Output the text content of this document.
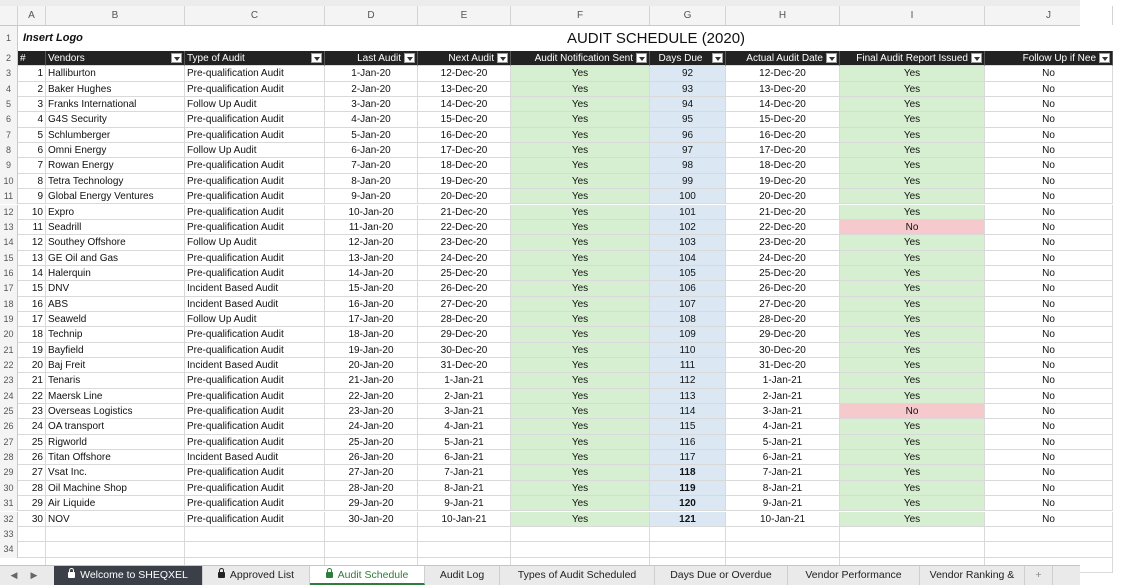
A	B	C	D	E	F	G	H	I	J
Insert Logo	AUDIT SCHEDULE (2020)
1
2
3
4
5
6
7
8
9
10
11
12
13
14
15
16
17
18
19
20
21
22
23
24
25
26
27
28
29
30
31
32
33
34
#	Vendors	Type of Audit	Last Audit	Next Audit	Audit Notification Sent	Days Due	Actual Audit Date	Final Audit Report Issued	Follow Up if Nee
1 Halliburton	Pre-qualification Audit	1-Jan-20	12-Dec-20	Yes	92	12-Dec-20	Yes	No
2 Baker Hughes	Pre-qualification Audit	2-Jan-20	13-Dec-20	Yes	93	13-Dec-20	Yes	No
3 Franks International	Follow Up Audit	3-Jan-20	14-Dec-20	Yes	94	14-Dec-20	Yes	No
4 G4S Security	Pre-qualification Audit	4-Jan-20	15-Dec-20	Yes	95	15-Dec-20	Yes	No
5 Schlumberger	Pre-qualification Audit	5-Jan-20	16-Dec-20	Yes	96	16-Dec-20	Yes	No
6 Omni Energy	Follow Up Audit	6-Jan-20	17-Dec-20	Yes	97	17-Dec-20	Yes	No
7 Rowan Energy	Pre-qualification Audit	7-Jan-20	18-Dec-20	Yes	98	18-Dec-20	Yes	No
8 Tetra Technology	Pre-qualification Audit	8-Jan-20	19-Dec-20	Yes	99	19-Dec-20	Yes	No
9 Global Energy Ventures	Pre-qualification Audit	9-Jan-20	20-Dec-20	Yes	100	20-Dec-20	Yes	No
10 Expro	Pre-qualification Audit	10-Jan-20	21-Dec-20	Yes	101	21-Dec-20	Yes	No
11 Seadrill	Pre-qualification Audit	11-Jan-20	22-Dec-20	Yes	102	22-Dec-20	No	No
12 Southey Offshore	Follow Up Audit	12-Jan-20	23-Dec-20	Yes	103	23-Dec-20	Yes	No
13 GE Oil and Gas	Pre-qualification Audit	13-Jan-20	24-Dec-20	Yes	104	24-Dec-20	Yes	No
14 Halerquin	Pre-qualification Audit	14-Jan-20	25-Dec-20	Yes	105	25-Dec-20	Yes	No
15 DNV	Incident Based Audit	15-Jan-20	26-Dec-20	Yes	106	26-Dec-20	Yes	No
16 ABS	Incident Based Audit	16-Jan-20	27-Dec-20	Yes	107	27-Dec-20	Yes	No
17 Seaweld	Follow Up Audit	17-Jan-20	28-Dec-20	Yes	108	28-Dec-20	Yes	No
18 Technip	Pre-qualification Audit	18-Jan-20	29-Dec-20	Yes	109	29-Dec-20	Yes	No
19 Bayfield	Pre-qualification Audit	19-Jan-20	30-Dec-20	Yes	110	30-Dec-20	Yes	No
20 Baj Freit	Incident Based Audit	20-Jan-20	31-Dec-20	Yes	111	31-Dec-20	Yes	No
21 Tenaris	Pre-qualification Audit	21-Jan-20	1-Jan-21	Yes	112	1-Jan-21	Yes	No
22 Maersk Line	Pre-qualification Audit	22-Jan-20	2-Jan-21	Yes	113	2-Jan-21	Yes	No
23 Overseas Logistics	Pre-qualification Audit	23-Jan-20	3-Jan-21	Yes	114	3-Jan-21	No	No
24 OA transport	Pre-qualification Audit	24-Jan-20	4-Jan-21	Yes	115	4-Jan-21	Yes	No
25 Rigworld	Pre-qualification Audit	25-Jan-20	5-Jan-21	Yes	116	5-Jan-21	Yes	No
26 Titan Offshore	Incident Based Audit	26-Jan-20	6-Jan-21	Yes	117	6-Jan-21	Yes	No
27 Vsat Inc.	Pre-qualification Audit	27-Jan-20	7-Jan-21	Yes	118	7-Jan-21	Yes	No
28 Oil Machine Shop	Pre-qualification Audit	28-Jan-20	8-Jan-21	Yes	119	8-Jan-21	Yes	No
29 Air Liquide	Pre-qualification Audit	29-Jan-20	9-Jan-21	Yes	120	9-Jan-21	Yes	No
30 NOV	Pre-qualification Audit	30-Jan-20	10-Jan-21	Yes	121	10-Jan-21	Yes	No
◀ ▶	Welcome to SHEQXEL	Approved List	Audit Schedule	Audit Log	Types of Audit Scheduled	Days Due or Overdue	Vendor Performance	Vendor Ranking &	+
